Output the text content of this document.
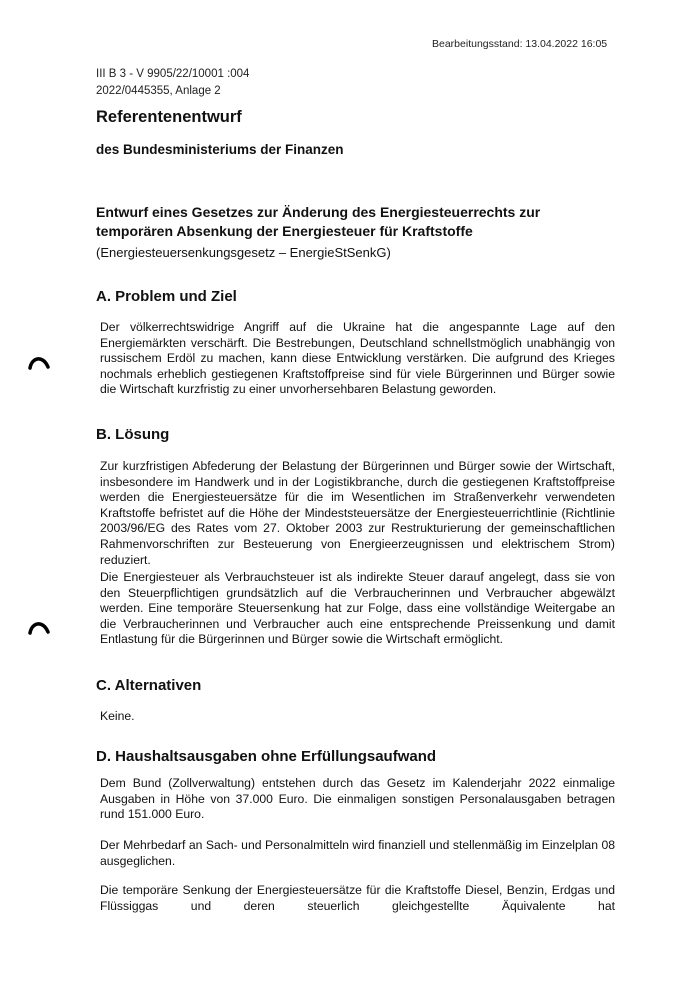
Bearbeitungsstand: 13.04.2022 16:05
III B 3 - V 9905/22/10001 :004
2022/0445355, Anlage 2
Referentenentwurf
des Bundesministeriums der Finanzen
Entwurf eines Gesetzes zur Änderung des Energiesteuerrechts zur temporären Absenkung der Energiesteuer für Kraftstoffe
(Energiesteuersenkungsgesetz – EnergieStSenkG)
A. Problem und Ziel
Der völkerrechtswidrige Angriff auf die Ukraine hat die angespannte Lage auf den Energiemärkten verschärft. Die Bestrebungen, Deutschland schnellstmöglich unabhängig von russischem Erdöl zu machen, kann diese Entwicklung verstärken. Die aufgrund des Krieges nochmals erheblich gestiegenen Kraftstoffpreise sind für viele Bürgerinnen und Bürger sowie die Wirtschaft kurzfristig zu einer unvorhersehbaren Belastung geworden.
B. Lösung
Zur kurzfristigen Abfederung der Belastung der Bürgerinnen und Bürger sowie der Wirtschaft, insbesondere im Handwerk und in der Logistikbranche, durch die gestiegenen Kraftstoffpreise werden die Energiesteuersätze für die im Wesentlichen im Straßenverkehr verwendeten Kraftstoffe befristet auf die Höhe der Mindeststeuersätze der Energiesteuerrichtlinie (Richtlinie 2003/96/EG des Rates vom 27. Oktober 2003 zur Restrukturierung der gemeinschaftlichen Rahmenvorschriften zur Besteuerung von Energieerzeugnissen und elektrischem Strom) reduziert.
Die Energiesteuer als Verbrauchsteuer ist als indirekte Steuer darauf angelegt, dass sie von den Steuerpflichtigen grundsätzlich auf die Verbraucherinnen und Verbraucher abgewälzt werden. Eine temporäre Steuersenkung hat zur Folge, dass eine vollständige Weitergabe an die Verbraucherinnen und Verbraucher auch eine entsprechende Preissenkung und damit Entlastung für die Bürgerinnen und Bürger sowie die Wirtschaft ermöglicht.
C. Alternativen
Keine.
D. Haushaltsausgaben ohne Erfüllungsaufwand
Dem Bund (Zollverwaltung) entstehen durch das Gesetz im Kalenderjahr 2022 einmalige Ausgaben in Höhe von 37.000 Euro. Die einmaligen sonstigen Personalausgaben betragen rund 151.000 Euro.
Der Mehrbedarf an Sach- und Personalmitteln wird finanziell und stellenmäßig im Einzelplan 08 ausgeglichen.
Die temporäre Senkung der Energiesteuersätze für die Kraftstoffe Diesel, Benzin, Erdgas und Flüssiggas und deren steuerlich gleichgestellte Äquivalente hat
